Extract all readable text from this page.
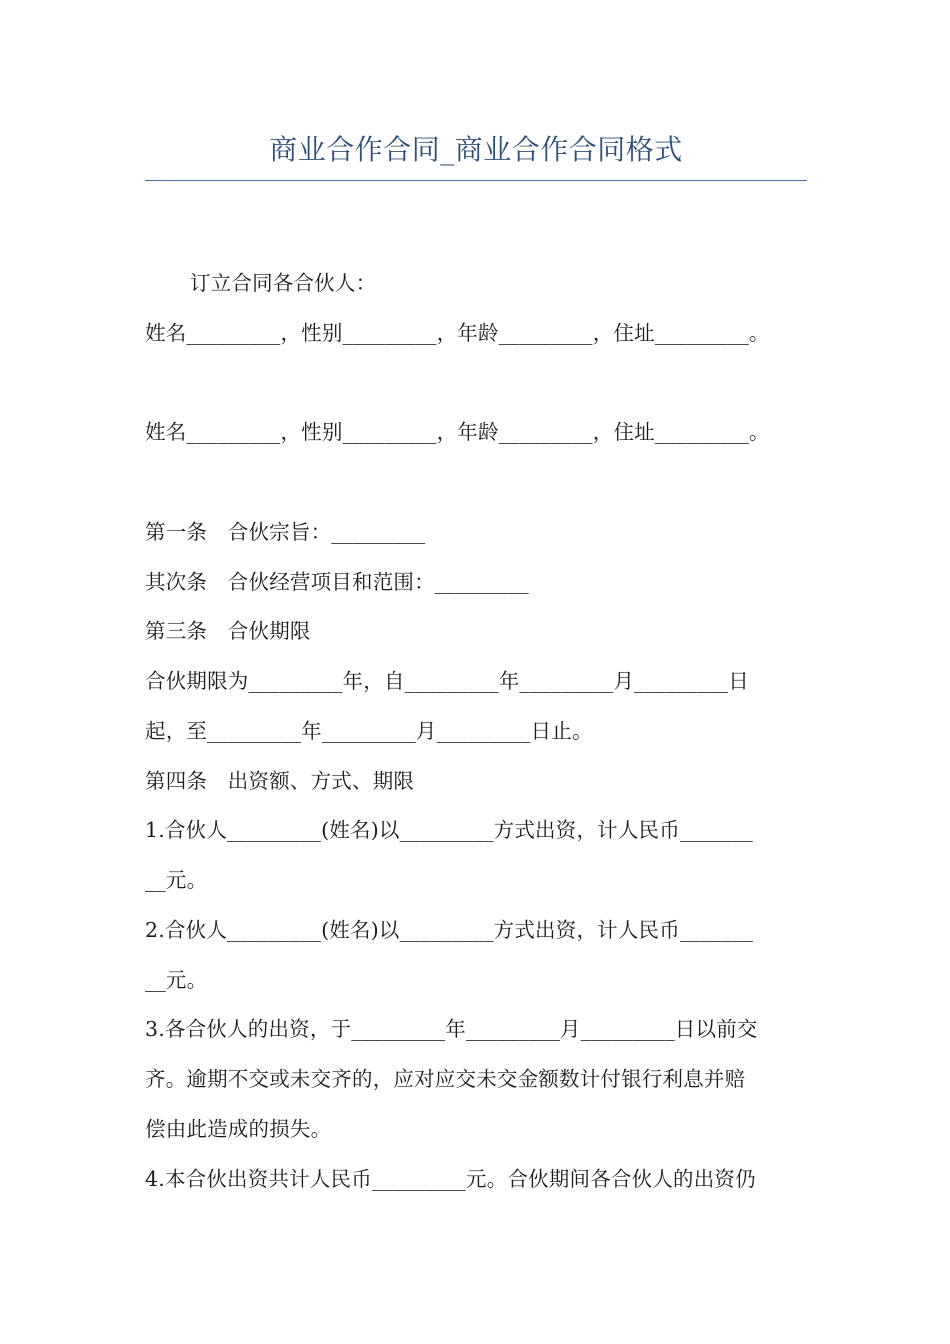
商业合作合同_商业合作合同格式
订立合同各合伙人：
姓名_________，性别_________，年龄_________，住址_________。
姓名_________，性别_________，年龄_________，住址_________。
第一条　合伙宗旨：_________
其次条　合伙经营项目和范围：_________
第三条　合伙期限
合伙期限为_________年，自_________年_________月_________日
起，至_________年_________月_________日止。
第四条　出资额、方式、期限
1.合伙人_________(姓名)以_________方式出资，计人民币_______
__元。
2.合伙人_________(姓名)以_________方式出资，计人民币_______
__元。
3.各合伙人的出资，于_________年_________月_________日以前交
齐。逾期不交或未交齐的，应对应交未交金额数计付银行利息并赔
偿由此造成的损失。
4.本合伙出资共计人民币_________元。合伙期间各合伙人的出资仍
